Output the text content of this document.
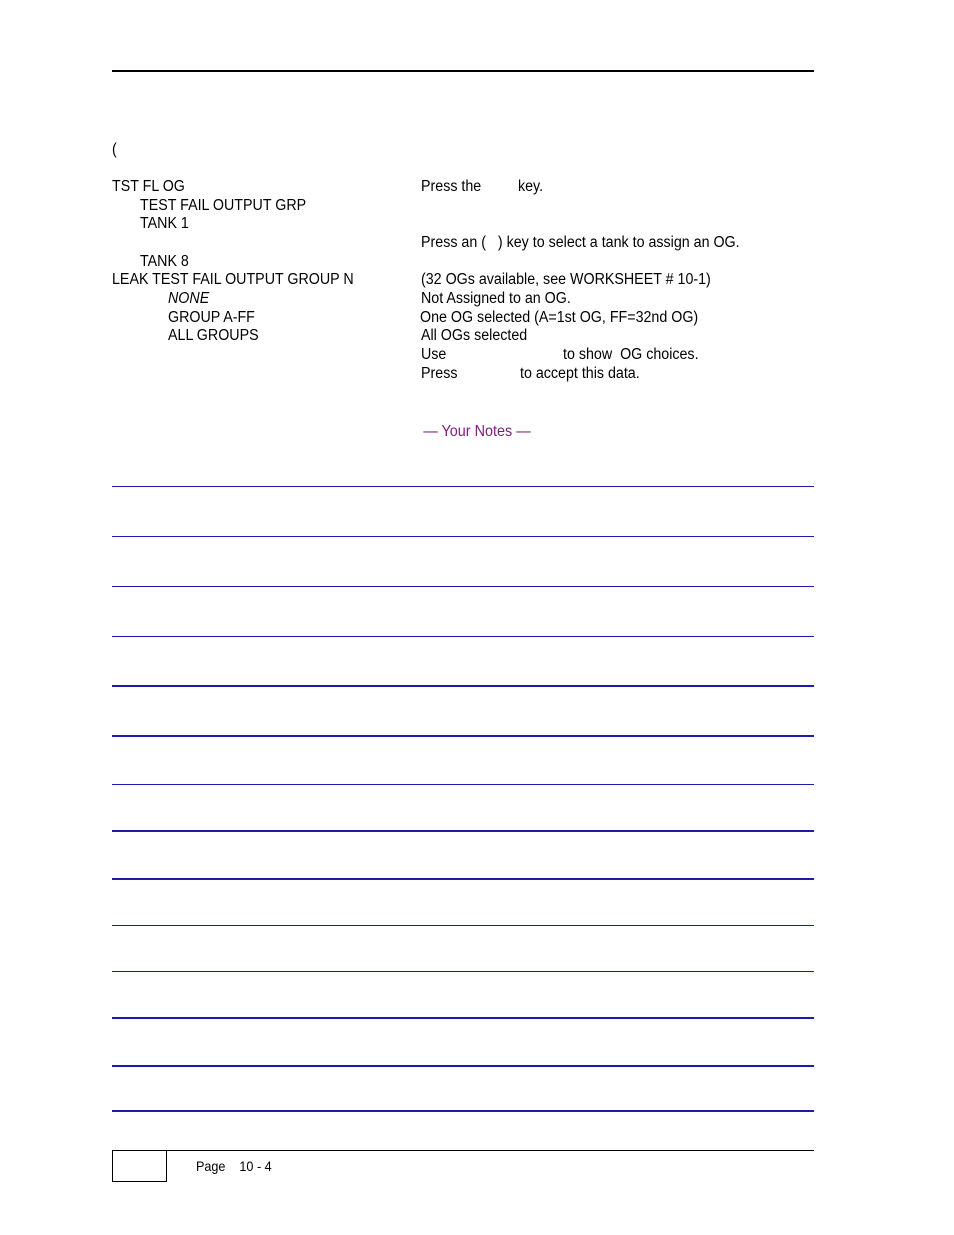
(
TST FL OG
TEST FAIL OUTPUT GRP
TANK 1
TANK 8
LEAK TEST FAIL OUTPUT GROUP N
NONE
GROUP A-FF
ALL GROUPS
Press the key.
Press an (   ) key to select a tank to assign an OG.
(32 OGs available, see WORKSHEET # 10-1)
Not Assigned to an OG.
One OG selected (A=1st OG, FF=32nd OG)
All OGs selected
Use	to show  OG choices.
Press	to accept this data.
— Your Notes —
Page    10 - 4
